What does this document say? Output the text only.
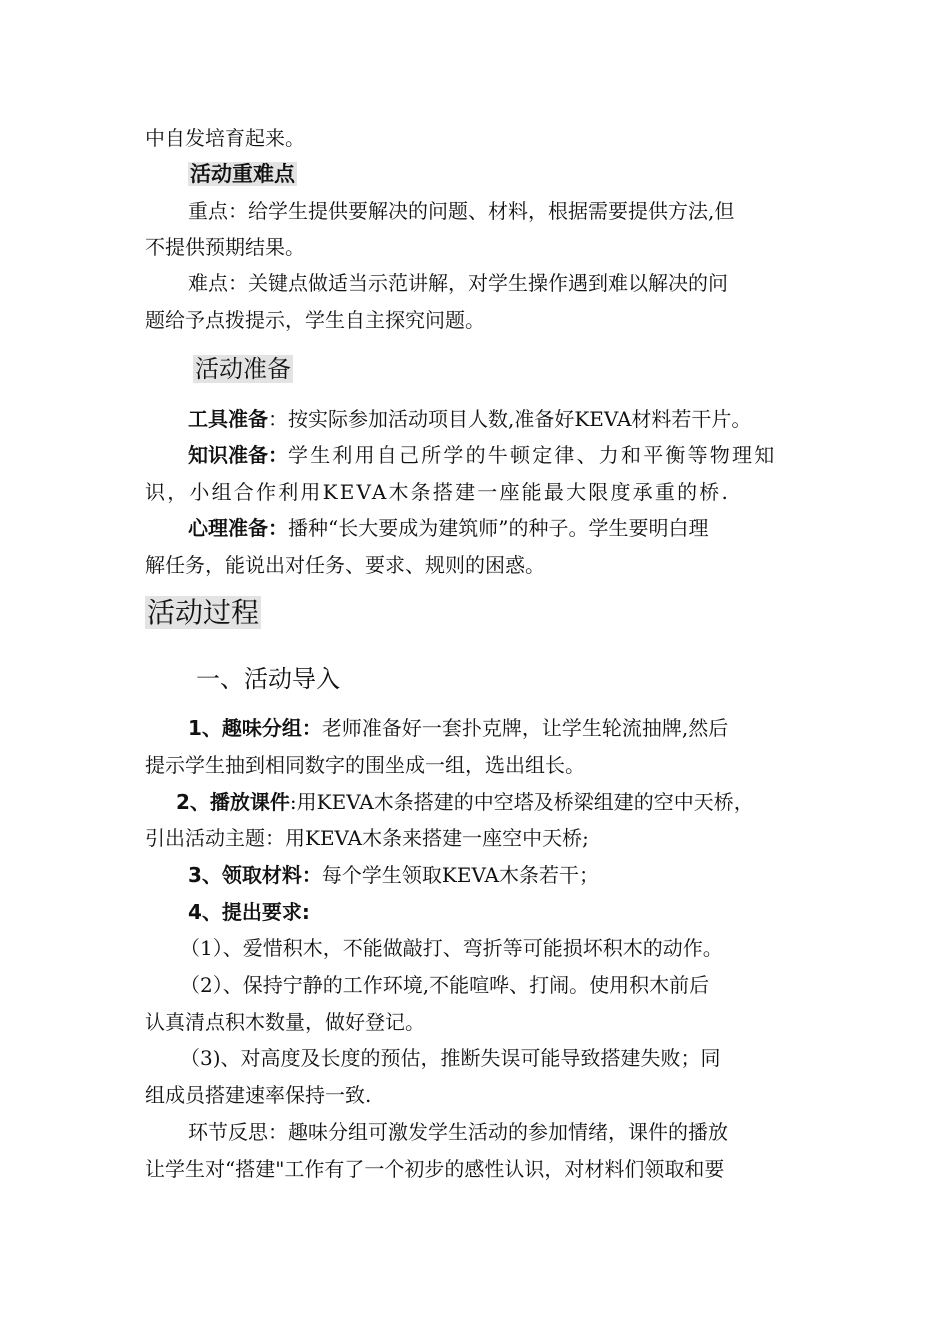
中自发培育起来。
活动重难点
重点：给学生提供要解决的问题、材料，根据需要提供方法,但
不提供预期结果。
难点：关键点做适当示范讲解，对学生操作遇到难以解决的问
题给予点拨提示，学生自主探究问题。
活动准备
工具准备：按实际参加活动项目人数,准备好KEVA材料若干片。
知识准备：学生利用自己所学的牛顿定律、力和平衡等物理知
识，小组合作利用KEVA木条搭建一座能最大限度承重的桥.
心理准备：播种“长大要成为建筑师”的种子。学生要明白理
解任务，能说出对任务、要求、规则的困惑。
活动过程
一、活动导入
1、趣味分组：老师准备好一套扑克牌，让学生轮流抽牌,然后
提示学生抽到相同数字的围坐成一组，选出组长。
2、播放课件:用KEVA木条搭建的中空塔及桥梁组建的空中天桥，
引出活动主题：用KEVA木条来搭建一座空中天桥;
3、领取材料：每个学生领取KEVA木条若干；
4、提出要求:
（1）、爱惜积木，不能做敲打、弯折等可能损坏积木的动作。
（2）、保持宁静的工作环境,不能喧哗、打闹。使用积木前后
认真清点积木数量，做好登记。
（3)、对高度及长度的预估，推断失误可能导致搭建失败；同
组成员搭建速率保持一致.
环节反思：趣味分组可激发学生活动的参加情绪，课件的播放
让学生对“搭建"工作有了一个初步的感性认识，对材料们领取和要
